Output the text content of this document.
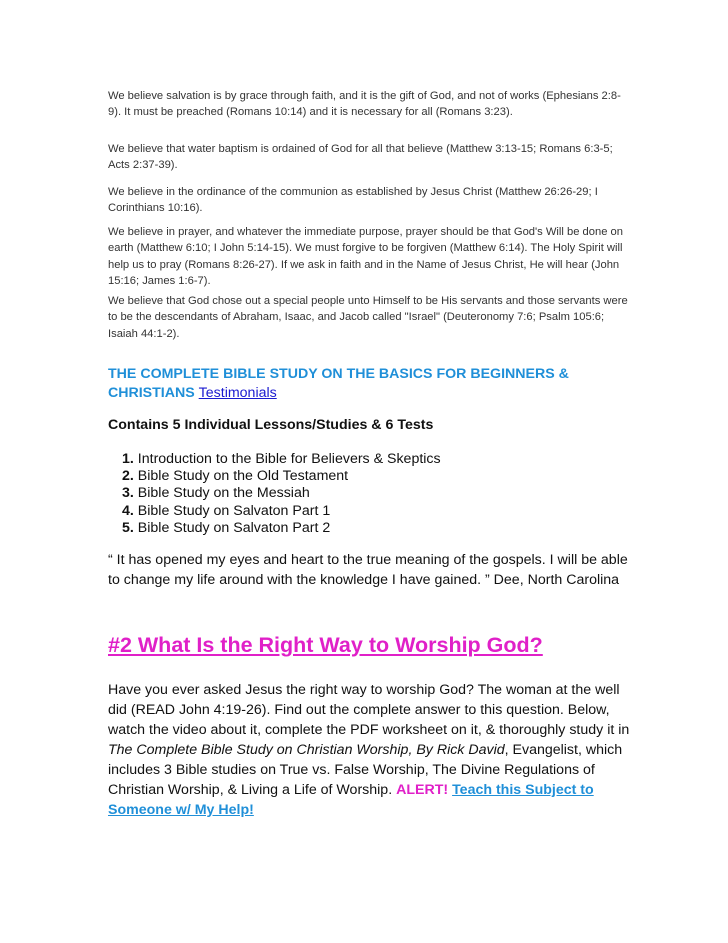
We believe salvation is by grace through faith, and it is the gift of God, and not of works (Ephesians 2:8-9). It must be preached (Romans 10:14) and it is necessary for all (Romans 3:23).

We believe that water baptism is ordained of God for all that believe (Matthew 3:13-15; Romans 6:3-5; Acts 2:37-39).

We believe in the ordinance of the communion as established by Jesus Christ (Matthew 26:26-29; I Corinthians 10:16).

We believe in prayer, and whatever the immediate purpose, prayer should be that God's Will be done on earth (Matthew 6:10; I John 5:14-15). We must forgive to be forgiven (Matthew 6:14). The Holy Spirit will help us to pray (Romans 8:26-27). If we ask in faith and in the Name of Jesus Christ, He will hear (John 15:16; James 1:6-7).

We believe that God chose out a special people unto Himself to be His servants and those servants were to be the descendants of Abraham, Isaac, and Jacob called "Israel" (Deuteronomy 7:6; Psalm 105:6; Isaiah 44:1-2).

THE COMPLETE BIBLE STUDY ON THE BASICS FOR BEGINNERS & CHRISTIANS Testimonials
Contains 5 Individual Lessons/Studies & 6 Tests
1. Introduction to the Bible for Believers & Skeptics
2. Bible Study on the Old Testament
3. Bible Study on the Messiah
4. Bible Study on Salvaton Part 1
5. Bible Study on Salvaton Part 2
“ It has opened my eyes and heart to the true meaning of the gospels. I will be able to change my life around with the knowledge I have gained. ” Dee, North Carolina
#2 What Is the Right Way to Worship God?
Have you ever asked Jesus the right way to worship God? The woman at the well did (READ John 4:19-26). Find out the complete answer to this question. Below, watch the video about it, complete the PDF worksheet on it, & thoroughly study it in The Complete Bible Study on Christian Worship, By Rick David, Evangelist, which includes 3 Bible studies on True vs. False Worship, The Divine Regulations of Christian Worship, & Living a Life of Worship. ALERT! Teach this Subject to Someone w/ My Help!
